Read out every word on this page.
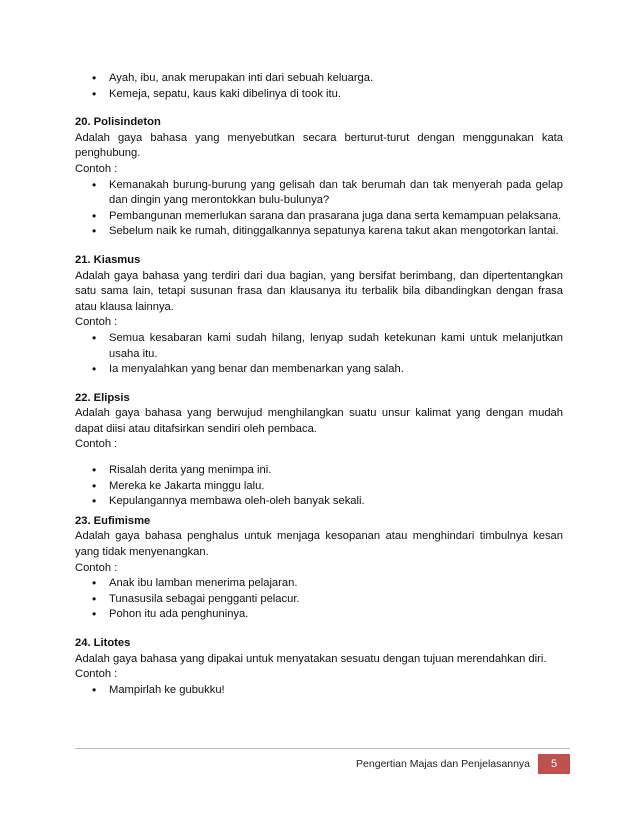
• Ayah, ibu, anak merupakan inti dari sebuah keluarga.
• Kemeja, sepatu, kaus kaki dibelinya di took itu.
20. Polisindeton
Adalah gaya bahasa yang menyebutkan secara berturut-turut dengan menggunakan kata penghubung.
Contoh :
• Kemanakah burung-burung yang gelisah dan tak berumah dan tak menyerah pada gelap dan dingin yang merontokkan bulu-bulunya?
• Pembangunan memerlukan sarana dan prasarana juga dana serta kemampuan pelaksana.
• Sebelum naik ke rumah, ditinggalkannya sepatunya karena takut akan mengotorkan lantai.
21. Kiasmus
Adalah gaya bahasa yang terdiri dari dua bagian, yang bersifat berimbang, dan dipertentangkan satu sama lain, tetapi susunan frasa dan klausanya itu terbalik bila dibandingkan dengan frasa atau klausa lainnya.
Contoh :
• Semua kesabaran kami sudah hilang, lenyap sudah ketekunan kami untuk melanjutkan usaha itu.
• Ia menyalahkan yang benar dan membenarkan yang salah.
22. Elipsis
Adalah gaya bahasa yang berwujud menghilangkan suatu unsur kalimat yang dengan mudah dapat diisi atau ditafsirkan sendiri oleh pembaca.
Contoh :
• Risalah derita yang menimpa ini.
• Mereka ke Jakarta minggu lalu.
• Kepulangannya membawa oleh-oleh banyak sekali.
23. Eufimisme
Adalah gaya bahasa penghalus untuk menjaga kesopanan atau menghindari timbulnya kesan yang tidak menyenangkan.
Contoh :
• Anak ibu lamban menerima pelajaran.
• Tunasusila sebagai pengganti pelacur.
• Pohon itu ada penghuninya.
24. Litotes
Adalah gaya bahasa yang dipakai untuk menyatakan sesuatu dengan tujuan merendahkan diri.
Contoh :
• Mampirlah ke gubukku!
Pengertian Majas dan Penjelasannya	5
